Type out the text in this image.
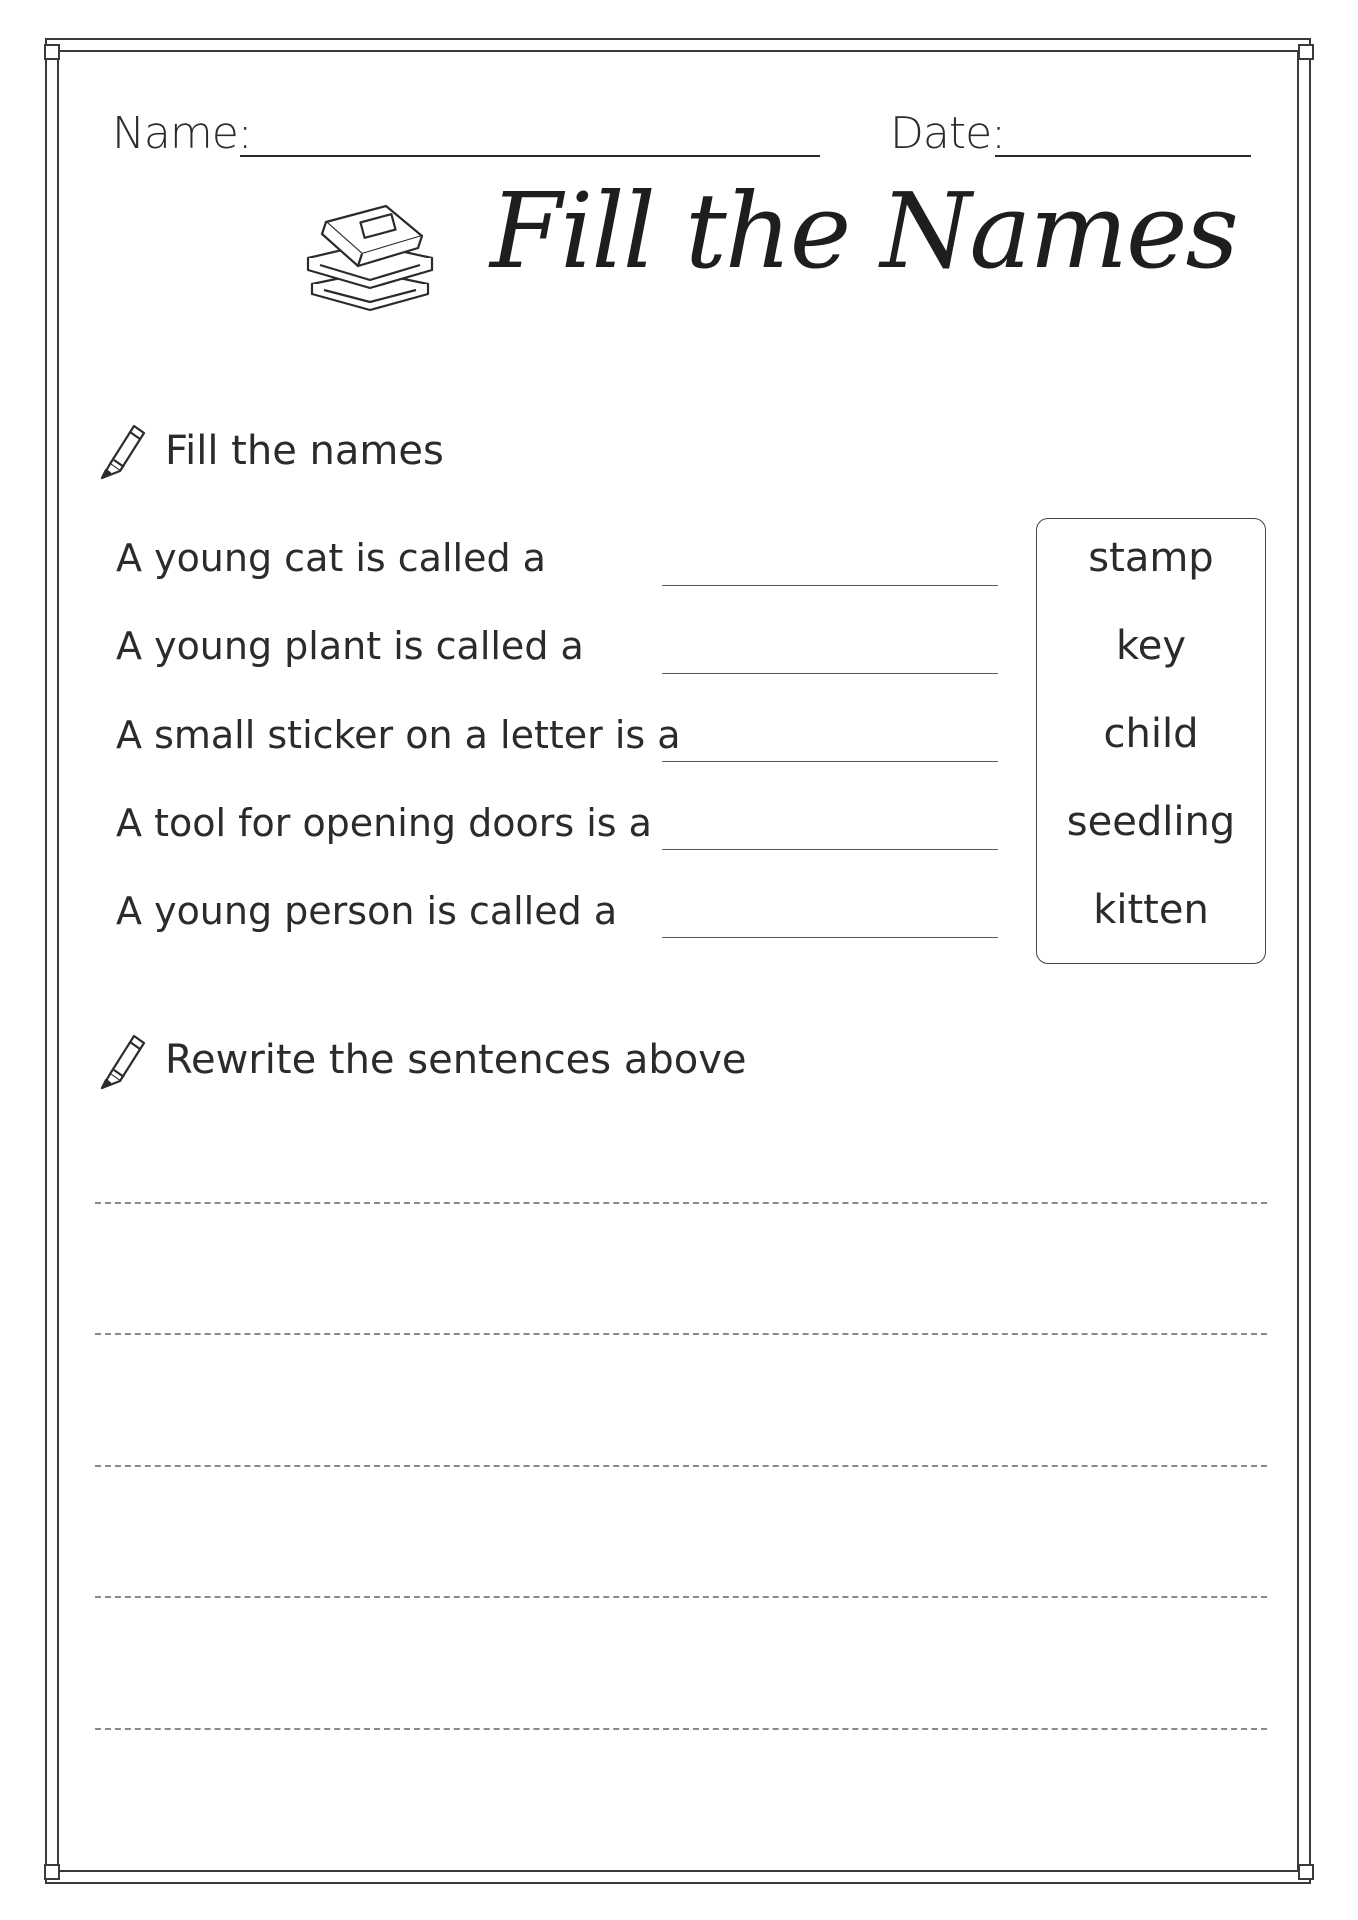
Name:	Date:
Fill the Names
Fill the names
A young cat is called a
A young plant is called a
A small sticker on a letter is a
A tool for opening doors is a
A young person is called a
stamp
key
child
seedling
kitten
Rewrite the sentences above
